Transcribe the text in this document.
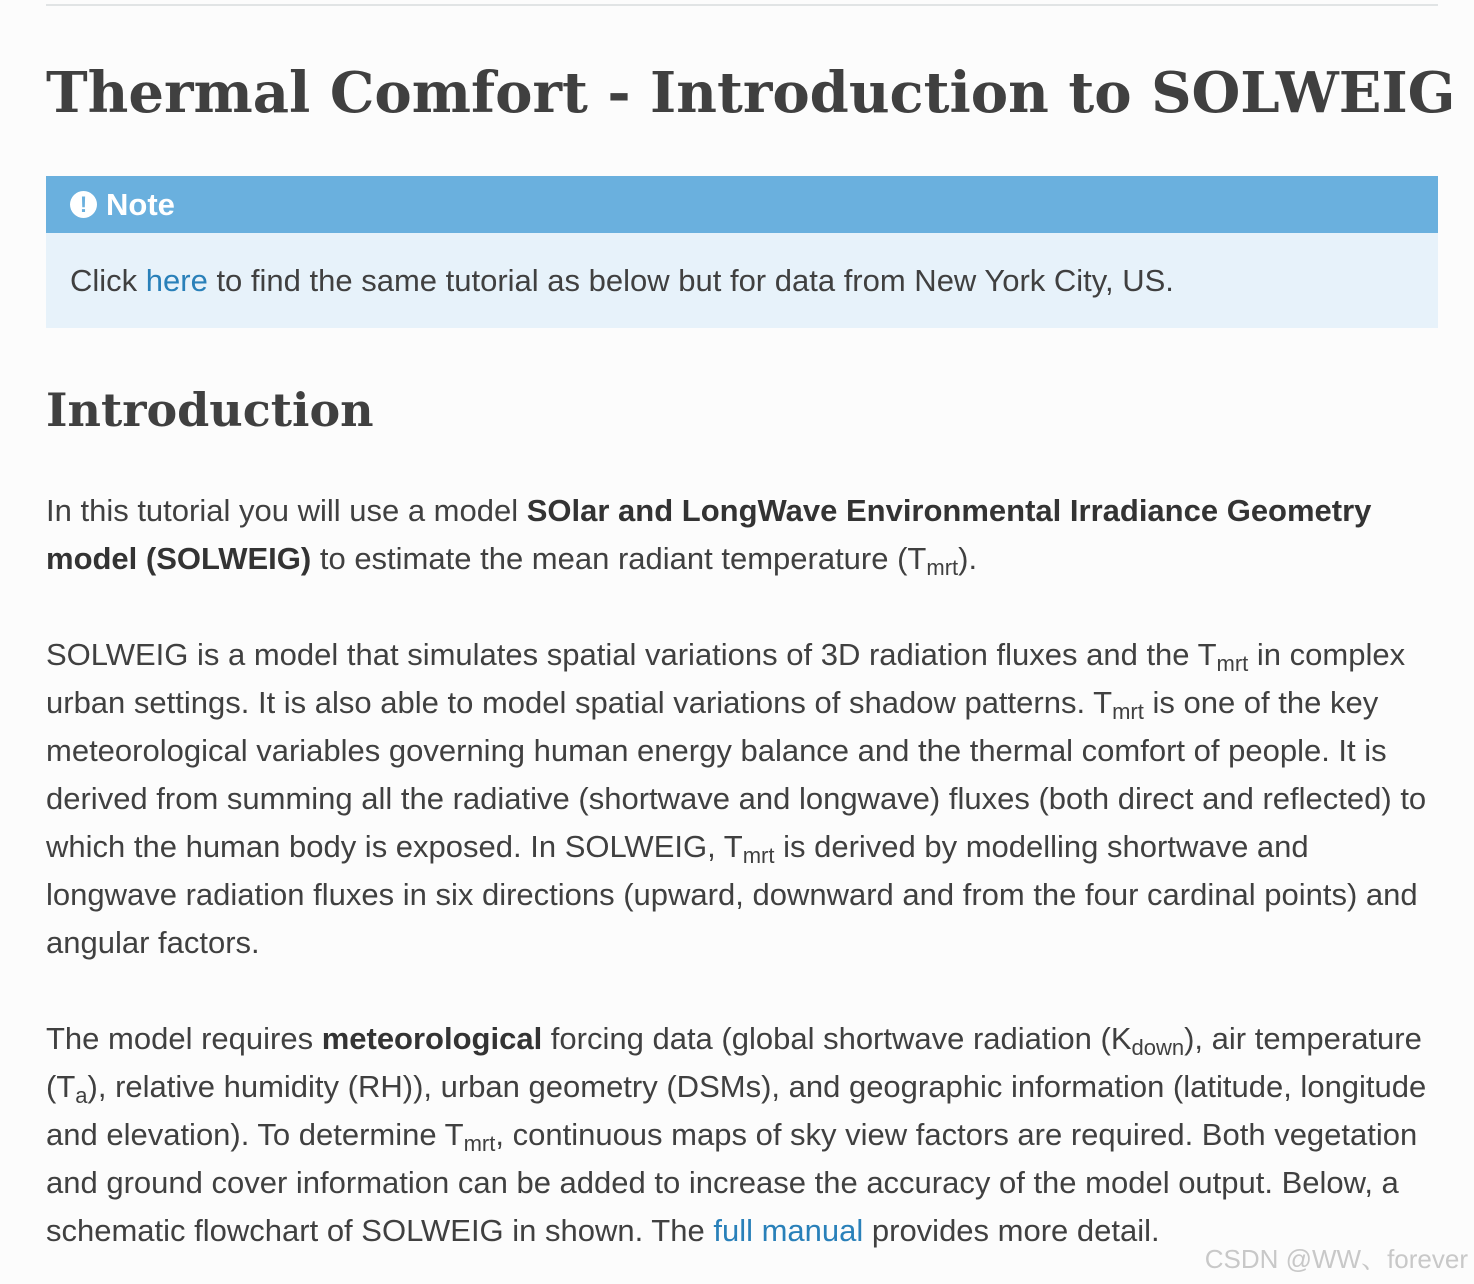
Thermal Comfort - Introduction to SOLWEIG
! Note
Click here to find the same tutorial as below but for data from New York City, US.
Introduction

In this tutorial you will use a model SOlar and LongWave Environmental Irradiance Geometry model (SOLWEIG) to estimate the mean radiant temperature $(T_{mrt})$.

SOLWEIG is a model that simulates spatial variations of 3D radiation fluxes and the $T_{mrt}$ in complex urban settings. It is also able to model spatial variations of shadow patterns. $T_{mrt}$ is one of the key meteorological variables governing human energy balance and the thermal comfort of people. It is derived from summing all the radiative (shortwave and longwave) fluxes (both direct and reflected) to which the human body is exposed. In SOLWEIG, $T_{mrt}$ is derived by modelling shortwave and longwave radiation fluxes in six directions (upward, downward and from the four cardinal points) and angular factors.

The model requires meteorological forcing data (global shortwave radiation $(K_{down})$, air temperature $(T_a)$, relative humidity (RH)), urban geometry (DSMs), and geographic information (latitude, longitude and elevation). To determine $T_{mrt}$, continuous maps of sky view factors are required. Both vegetation and ground cover information can be added to increase the accuracy of the model output. Below, a schematic flowchart of SOLWEIG in shown. The full manual provides more detail.

CSDN @WW、forever
